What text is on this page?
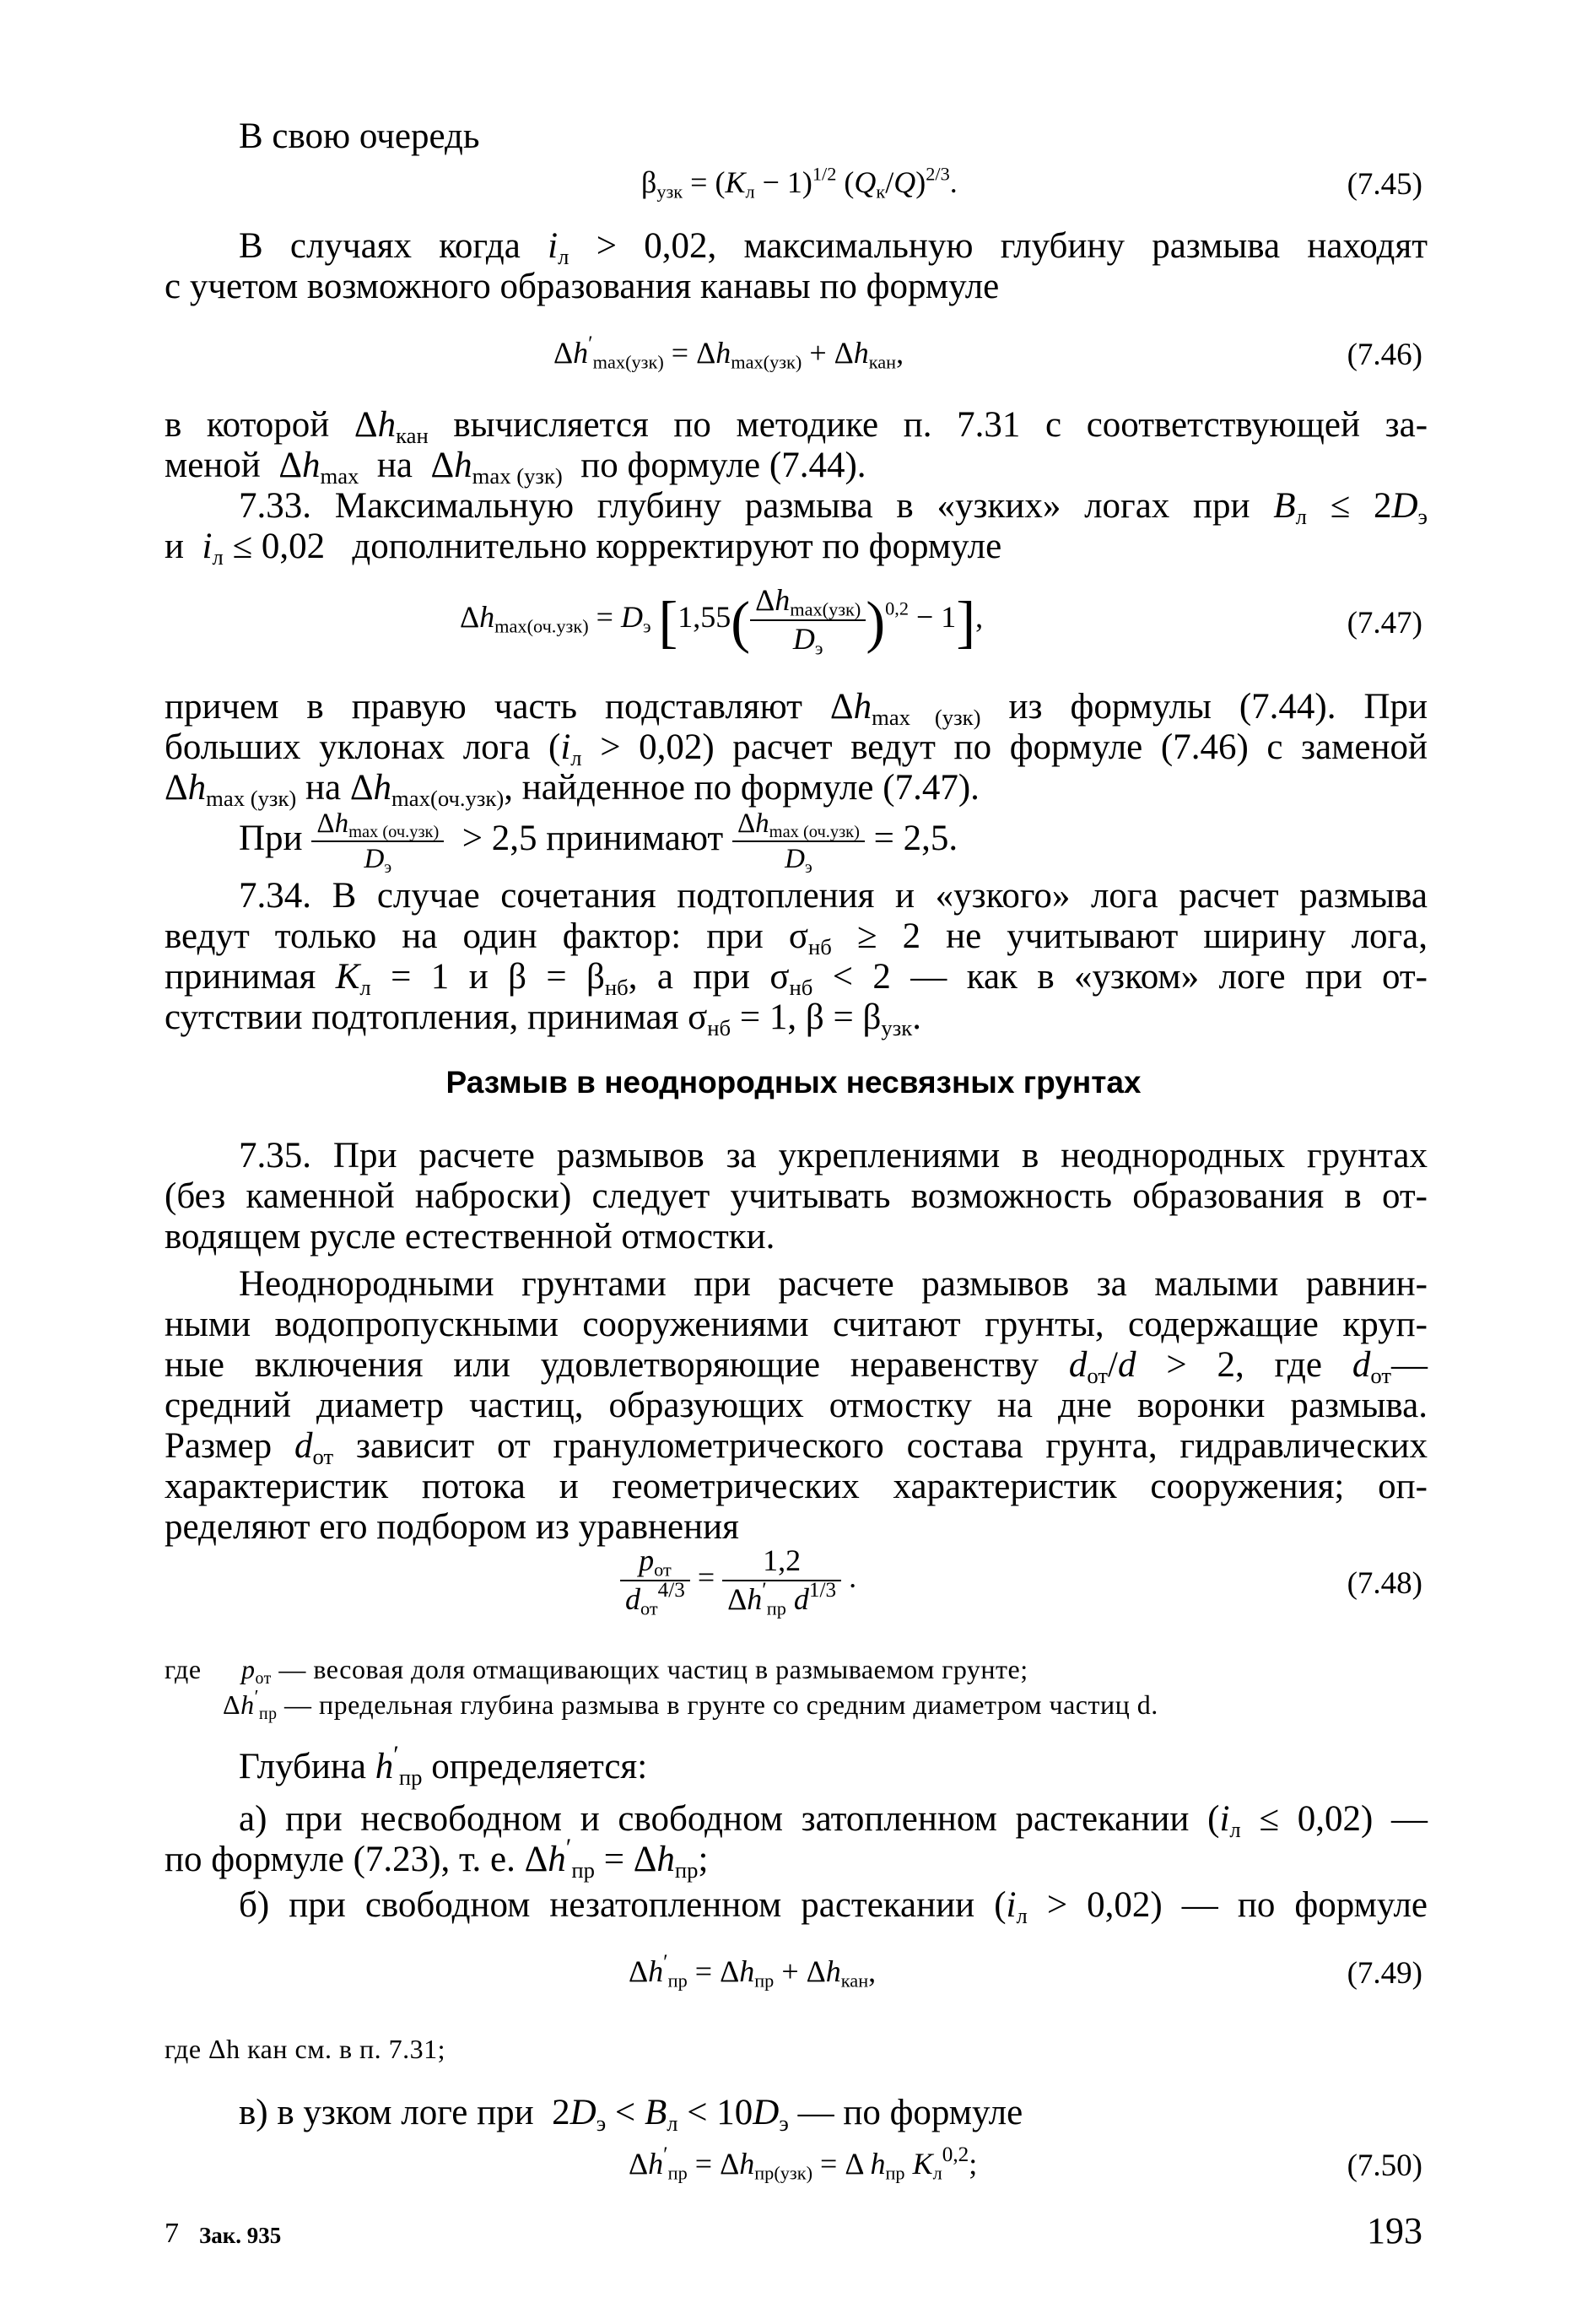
В свою очередь
$\beta_{узк} = (K_л - 1)^{1/2}$ $(Q_к/Q)^{2/3}$.	(7.45)
В случаях когда $i_л > 0,02$, максимальную глубину размыва находят
с учетом возможного образования канавы по формуле
$\Delta h'_{max(узк)} = \Delta h_{max(узк)} + \Delta h_{кан}$,	(7.46)
в которой $\Delta h_{кан}$ вычисляется по методике п. 7.31 с соответствующей за-
меной  $\Delta h_{max}$ на  $\Delta h_{max (узк)}$ по формуле (7.44).
7.33. Максимальную глубину размыва в «узких» логах при $B_л \le 2D_э$
и $i_л \le 0,02$   дополнительно корректируют по формуле
$\Delta h_{max(оч.узк)} = D_э$ $[1,55( \frac{\Delta h_{max(узк)}}{D_э} )^{0,2} - 1]$,	(7.47)
причем в правую часть подставляют $\Delta h_{max (узк)}$ из формулы (7.44). При
больших уклонах лога $(i_л > 0,02)$ расчет ведут по формуле (7.46) с заменой
$\Delta h_{max (узк)}$ на $\Delta h_{max(оч.узк)}$, найденное по формуле (7.47).
При $\frac{\Delta h_{max (оч.узк)}}{D_э} > 2,5$ принимают $\frac{\Delta h_{max (оч.узк)}}{D_э} = 2,5$.
7.34. В случае сочетания подтопления и «узкого» лога расчет размыва
ведут только на один фактор: при $\sigma_{нб} \ge 2$ не учитывают ширину лога,
принимая $K_л = 1$ и $\beta = \beta_{нб}$, а при $\sigma_{нб} < 2$ — как в «узком» логе при от-
сутствии подтопления, принимая $\sigma_{нб} = 1$, $\beta = \beta_{узк}$.
Размыв в неоднородных несвязных грунтах
7.35. При расчете размывов за укреплениями в неоднородных грунтах
(без каменной наброски) следует учитывать возможность образования в от-
водящем русле естественной отмостки.
Неоднородными грунтами при расчете размывов за малыми равнин-
ными водопропускными сооружениями считают грунты, содержащие круп-
ные включения или удовлетворяющие неравенству $d_{от}/d > 2$, где $d_{от}—$
средний диаметр частиц, образующих отмостку на дне воронки размыва.
Размер $d_{от}$ зависит от гранулометрического состава грунта, гидравлических
характеристик потока и геометрических характеристик сооружения; оп-
ределяют его подбором из уравнения
$\frac{p_{от}}{d_{от}^{4/3}} = \frac{1,2}{\Delta h'_{пр} d^{1/3}}$ .	(7.48)
где $p_{от}$ — весовая доля отмащивающих частиц в размываемом грунте;
$\Delta h'_{пр}$ — предельная глубина размыва в грунте со средним диаметром частиц d.
Глубина $h'_{пр}$ определяется:
а) при несвободном и свободном затопленном растекании $(i_л \le 0,02)$ —
по формуле (7.23), т. е. $\Delta h'_{пр} = \Delta h_{пр}$;
б) при свободном незатопленном растекании $(i_л > 0,02)$ — по формуле
$\Delta h'_{пр} = \Delta h_{пр} + \Delta h_{кан}$,	(7.49)
где Δh кан см. в п. 7.31;
в) в узком логе при  $2D_э < B_л < 10D_э$ — по формуле
$\Delta h'_{пр} = \Delta h_{пр(узк)} = \Delta$ $h_{пр}$ $K_л^{0,2}$;	(7.50)
7 Зак. 935	193
